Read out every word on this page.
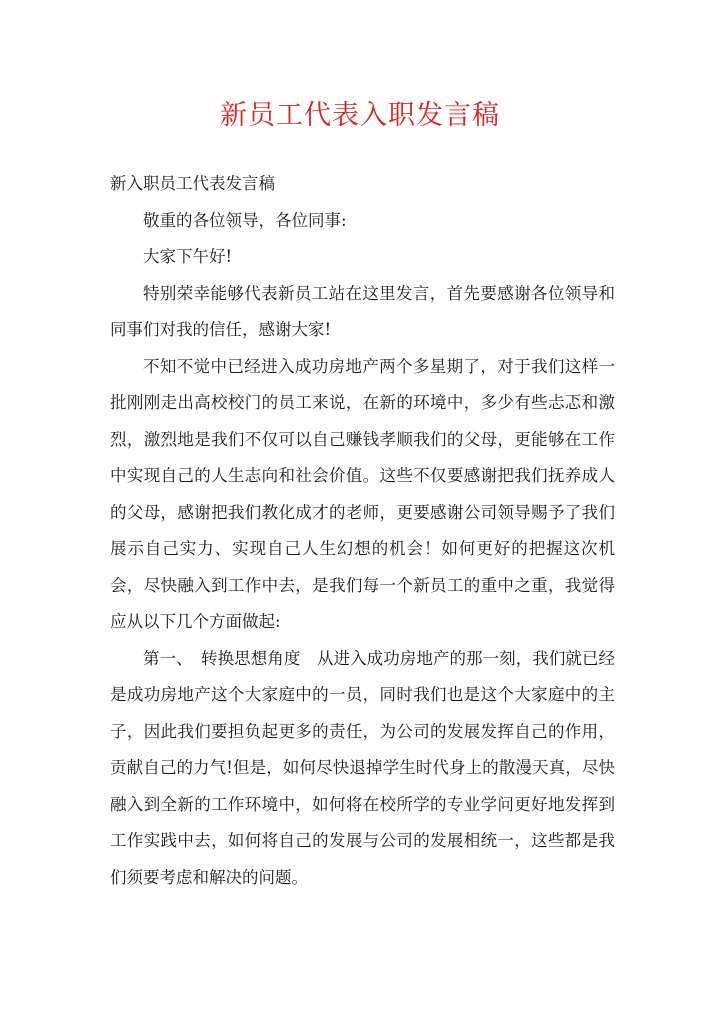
新员工代表入职发言稿

新入职员工代表发言稿

敬重的各位领导，各位同事:

大家下午好!

特别荣幸能够代表新员工站在这里发言，首先要感谢各位领导和同事们对我的信任，感谢大家!

不知不觉中已经进入成功房地产两个多星期了，对于我们这样一批刚刚走出高校校门的员工来说，在新的环境中，多少有些忐忑和激烈，激烈地是我们不仅可以自己赚钱孝顺我们的父母，更能够在工作中实现自己的人生志向和社会价值。这些不仅要感谢把我们抚养成人的父母，感谢把我们教化成才的老师，更要感谢公司领导赐予了我们展示自己实力、实现自己人生幻想的机会！如何更好的把握这次机会，尽快融入到工作中去，是我们每一个新员工的重中之重，我觉得应从以下几个方面做起:

第一、　转换思想角度　从进入成功房地产的那一刻，我们就已经是成功房地产这个大家庭中的一员，同时我们也是这个大家庭中的主子，因此我们要担负起更多的责任，为公司的发展发挥自己的作用，贡献自己的力气!但是，如何尽快退掉学生时代身上的散漫天真，尽快融入到全新的工作环境中，如何将在校所学的专业学问更好地发挥到工作实践中去，如何将自己的发展与公司的发展相统一，这些都是我们须要考虑和解决的问题。
